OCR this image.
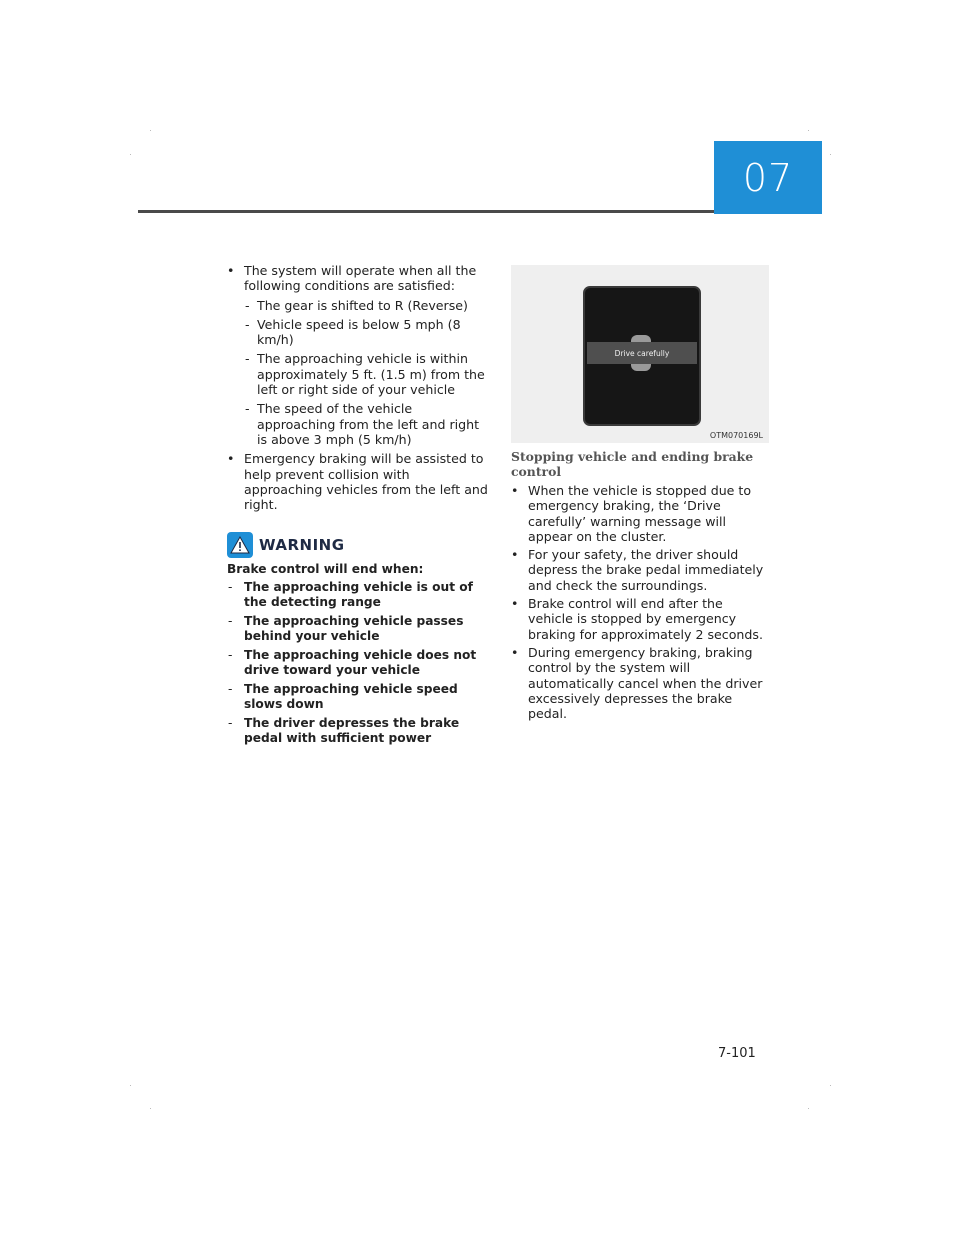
07
• The system will operate when all the following conditions are satisfied:
- The gear is shifted to R (Reverse)
- Vehicle speed is below 5 mph (8 km/h)
- The approaching vehicle is within approximately 5 ft. (1.5 m) from the left or right side of your vehicle
- The speed of the vehicle approaching from the left and right is above 3 mph (5 km/h)
• Emergency braking will be assisted to help prevent collision with approaching vehicles from the left and right.
WARNING
Brake control will end when:
- The approaching vehicle is out of the detecting range
- The approaching vehicle passes behind your vehicle
- The approaching vehicle does not drive toward your vehicle
- The approaching vehicle speed slows down
- The driver depresses the brake pedal with sufficient power
Drive carefully
OTM070169L
Stopping vehicle and ending brake control
• When the vehicle is stopped due to emergency braking, the ‘Drive carefully’ warning message will appear on the cluster.
• For your safety, the driver should depress the brake pedal immediately and check the surroundings.
• Brake control will end after the vehicle is stopped by emergency braking for approximately 2 seconds.
• During emergency braking, braking control by the system will automatically cancel when the driver excessively depresses the brake pedal.
7-101
